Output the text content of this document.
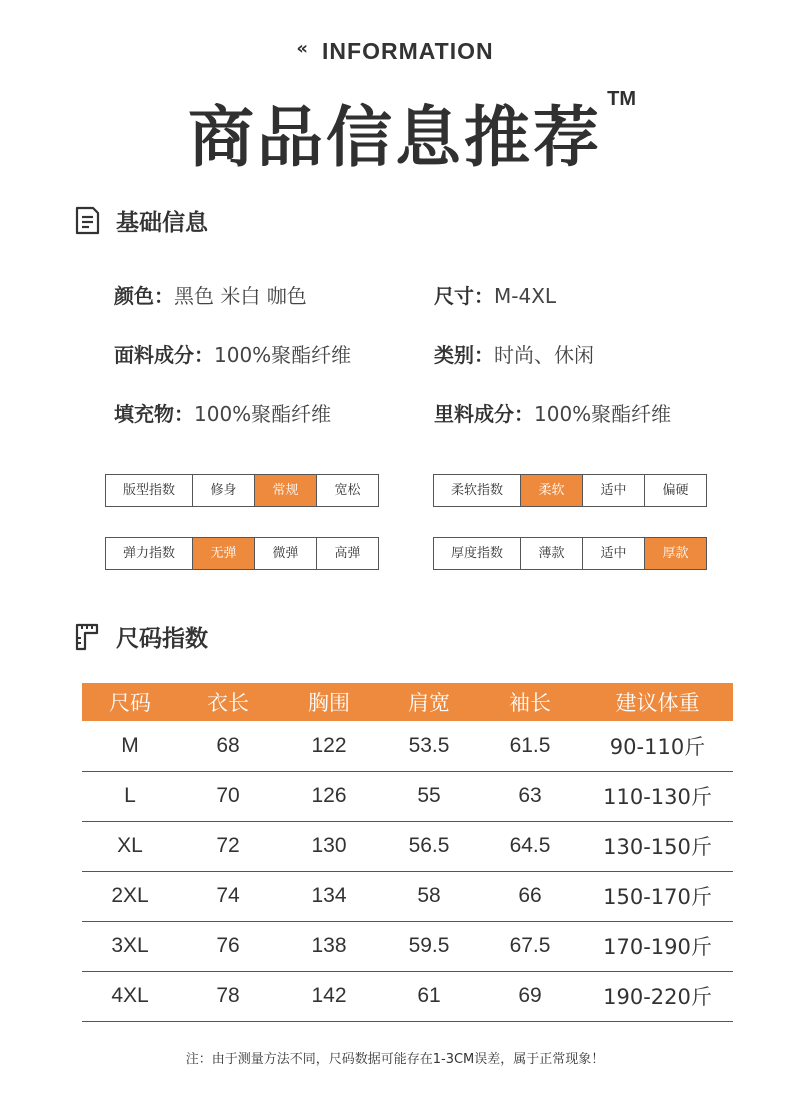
« INFORMATION
商品信息推荐 TM
基础信息
颜色：黑色 米白 咖色	尺寸：M-4XL
面料成分：100%聚酯纤维	类别：时尚、休闲
填充物：100%聚酯纤维	里料成分：100%聚酯纤维
版型指数	修身	常规	宽松	柔软指数	柔软	适中	偏硬
弹力指数	无弹	微弹	高弹	厚度指数	薄款	适中	厚款
尺码指数
尺码	衣长	胸围	肩宽	袖长	建议体重
M	68	122	53.5	61.5	90-110斤
L	70	126	55	63	110-130斤
XL	72	130	56.5	64.5	130-150斤
2XL	74	134	58	66	150-170斤
3XL	76	138	59.5	67.5	170-190斤
4XL	78	142	61	69	190-220斤
注：由于测量方法不同，尺码数据可能存在1-3CM误差，属于正常现象！
